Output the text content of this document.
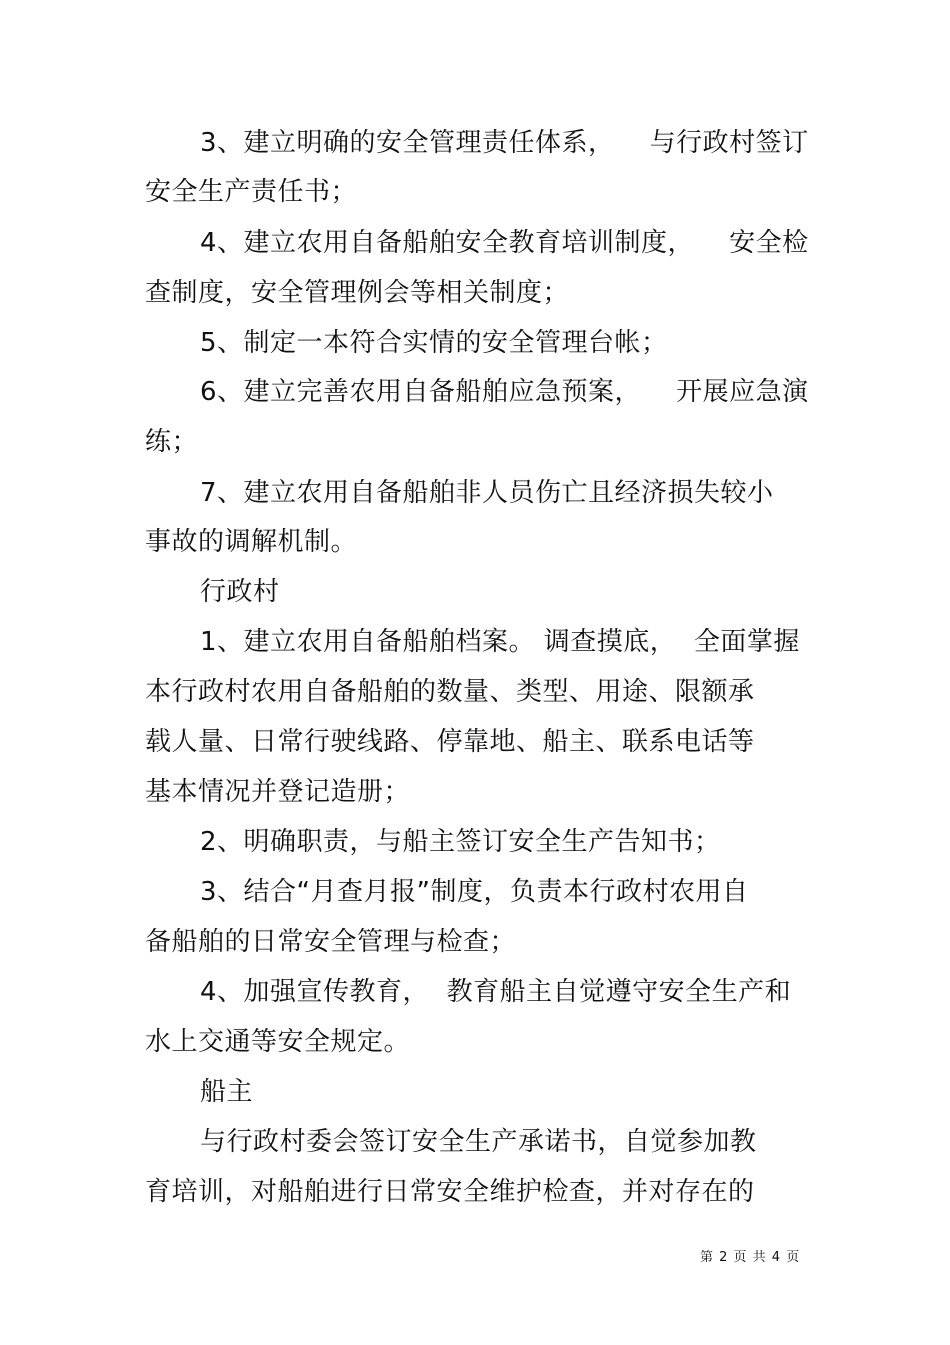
3、建立明确的安全管理责任体系，    与行政村签订
安全生产责任书；
4、建立农用自备船舶安全教育培训制度，    安全检
查制度，安全管理例会等相关制度；
5、制定一本符合实情的安全管理台帐；
6、建立完善农用自备船舶应急预案，    开展应急演
练；
7、建立农用自备船舶非人员伤亡且经济损失较小
事故的调解机制。
行政村
1、建立农用自备船舶档案。 调查摸底，  全面掌握
本行政村农用自备船舶的数量、类型、用途、限额承
载人量、日常行驶线路、停靠地、船主、联系电话等
基本情况并登记造册；
2、明确职责，与船主签订安全生产告知书；
3、结合“月查月报”制度，负责本行政村农用自
备船舶的日常安全管理与检查；
4、加强宣传教育，  教育船主自觉遵守安全生产和
水上交通等安全规定。
船主
与行政村委会签订安全生产承诺书，自觉参加教
育培训，对船舶进行日常安全维护检查，并对存在的
第 2 页 共 4 页
